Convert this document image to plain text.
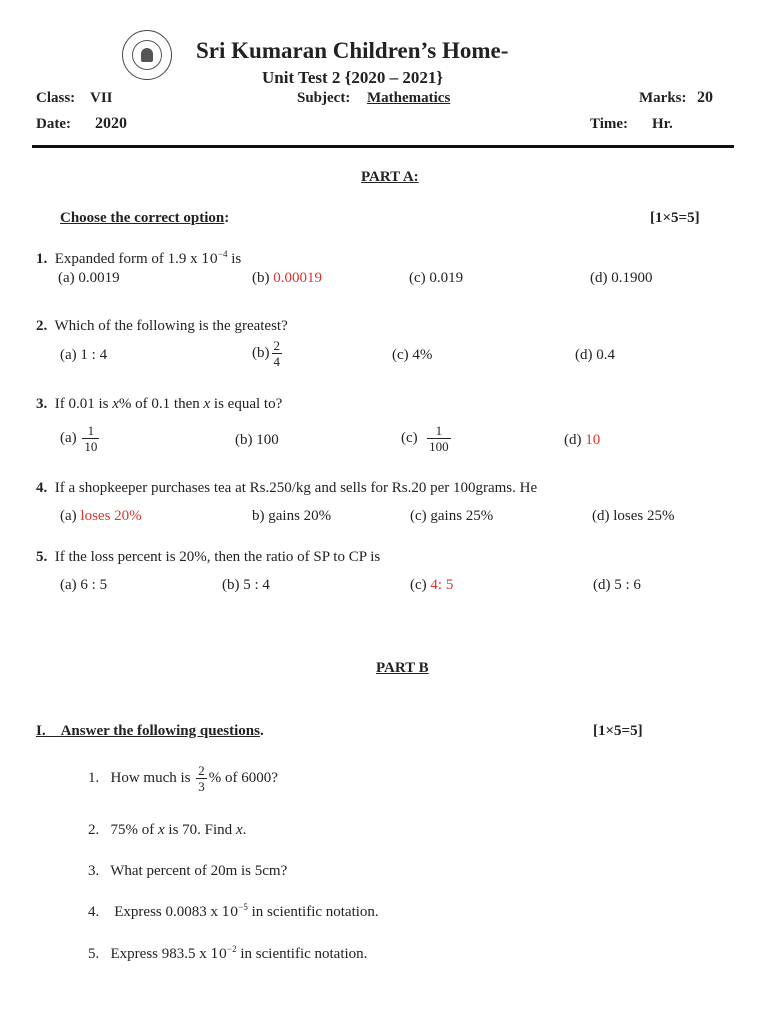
Sri Kumaran Children’s Home-
Unit Test 2 {2020 – 2021}
Class: VII	Subject: Mathematics	Marks: 20
Date: 2020	Time: Hr.
PART A:
Choose the correct option:	[1×5=5]
1. Expanded form of 1.9 x $10^{-4}$ is
(a) 0.0019	(b) 0.00019	(c) 0.019	(d) 0.1900
2. Which of the following is the greatest?
(a) 1 : 4	$(b) \frac{2}{4}$	(c) 4%	(d) 0.4
3. If 0.01 is x% of 0.1 then x is equal to?
$(a) \frac{1}{10}$	(b) 100	$(c) \frac{1}{100}$	(d) 10
4. If a shopkeeper purchases tea at Rs.250/kg and sells for Rs.20 per 100grams. He
(a) loses 20%	b) gains 20%	(c) gains 25%	(d) loses 25%
5. If the loss percent is 20%, then the ratio of SP to CP is
(a) 6 : 5	(b) 5 : 4	(c) 4: 5	(d) 5 : 6
PART B
I. Answer the following questions.	[1×5=5]
1. How much is $\frac{2}{3}$ % of 6000?
2. 75% of x is 70. Find x.
3. What percent of 20m is 5cm?
4. Express 0.0083 x $10^{-5}$ in scientific notation.
5. Express 983.5 x $10^{-2}$ in scientific notation.
